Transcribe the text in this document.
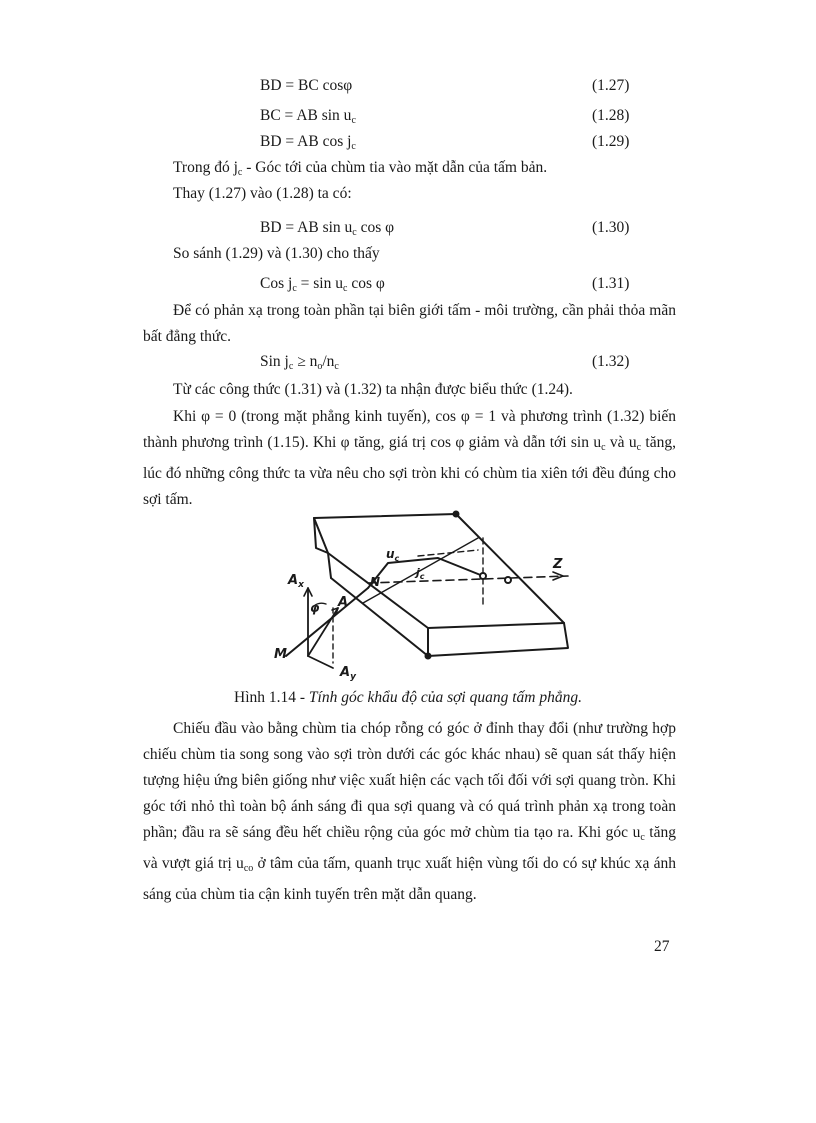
BD = BC cosφ	(1.27)
BC = AB $\sin u_c$	(1.28)
BD = AB $\cos j_c$	(1.29)
Trong đó $j_c$ - Góc tới của chùm tia vào mặt dẫn của tấm bản.
Thay (1.27) vào (1.28) ta có:
BD = AB $\sin u_c$ cos φ	(1.30)
So sánh (1.29) và (1.30) cho thấy
Cos $j_c = \sin u_c$ cos φ	(1.31)
Để có phản xạ trong toàn phần tại biên giới tấm - môi trường, cần phải thỏa mãn bất đẳng thức.
Sin $j_c \ge n_o/n_c$	(1.32)
Từ các công thức (1.31) và (1.32) ta nhận được biểu thức (1.24).
Khi φ = 0 (trong mặt phẳng kinh tuyến), cos φ = 1 và phương trình (1.32) biến thành phương trình (1.15). Khi φ tăng, giá trị cos φ giảm và dẫn tới $\sin u_c$ và $u_c$ tăng, lúc đó những công thức ta vừa nêu cho sợi tròn khi có chùm tia xiên tới đều đúng cho sợi tấm.
$A_x$
φ A
N
$u_c$
$j_c$
Z
M
$A_y$
Hình 1.14 - Tính góc khẩu độ của sợi quang tấm phẳng.
Chiếu đầu vào bằng chùm tia chóp rỗng có góc ở đỉnh thay đổi (như trường hợp chiếu chùm tia song song vào sợi tròn dưới các góc khác nhau) sẽ quan sát thấy hiện tượng hiệu ứng biên giống như việc xuất hiện các vạch tối đối với sợi quang tròn. Khi góc tới nhỏ thì toàn bộ ánh sáng đi qua sợi quang và có quá trình phản xạ trong toàn phần; đầu ra sẽ sáng đều hết chiều rộng của góc mở chùm tia tạo ra. Khi góc $u_c$ tăng và vượt giá trị $u_{co}$ ở tâm của tấm, quanh trục xuất hiện vùng tối do có sự khúc xạ ánh sáng của chùm tia cận kinh tuyến trên mặt dẫn quang.
27
